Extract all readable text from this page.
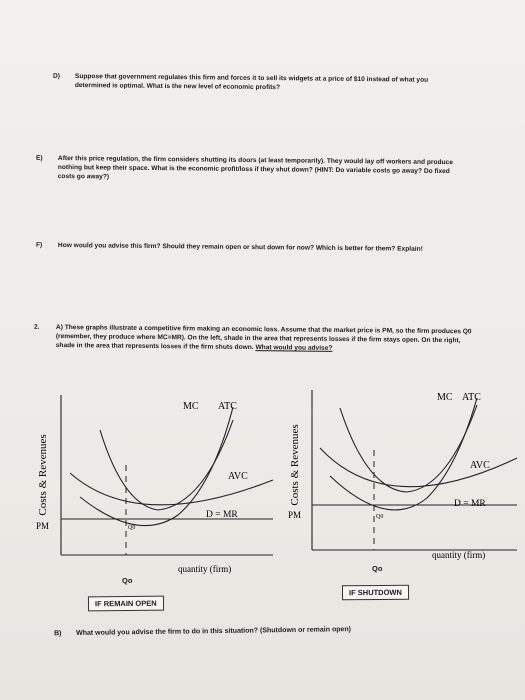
D) Suppose that government regulates this firm and forces it to sell its widgets at a price of $10 instead of what you determined is optimal. What is the new level of economic profits?
E) After this price regulation, the firm considers shutting its doors (at least temporarily). They would lay off workers and produce nothing but keep their space. What is the economic profit/loss if they shut down? (HINT: Do variable costs go away? Do fixed costs go away?)
F) How would you advise this firm? Should they remain open or shut down for now? Which is better for them? Explain!
2. A) These graphs illustrate a competitive firm making an economic loss. Assume that the market price is PM, so the firm produces Q0 (remember, they produce where MC=MR). On the left, shade in the area that represents losses if the firm stays open. On the right, shade in the area that represents losses if the firm shuts down. What would you advise?
Costs & Revenues
MC ATC
AVC
D = MR
PM	Q0
quantity (firm)
Costs & Revenues
MC ATC
AVC
D = MR
PM	Q0
quantity (firm)
Qo
Qo
IF REMAIN OPEN
IF SHUTDOWN
B) What would you advise the firm to do in this situation? (Shutdown or remain open)
